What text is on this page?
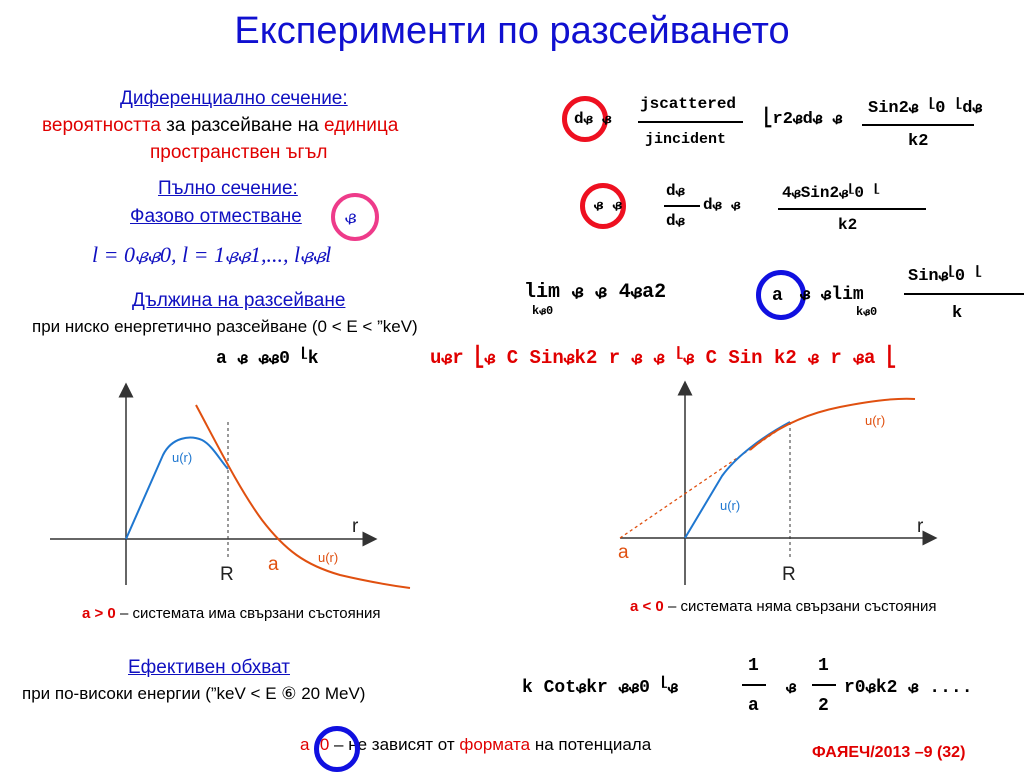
Експерименти по разсейването
Диференциално сечение:
вероятността за разсейване на единица
пространствен ъгъл
Пълно сечение:
Фазово отместване ᏸ
l = 0ᏸᏸ0, l = 1ᏸᏸ1,..., lᏸᏸl
Дължина на разсейване
при ниско енергетично разсейване (0 < E < ”keV)
a ᏸ ᏸᏸ0 ⎣k
dᏸ ᏸ
jscattered
jincident
⎣r2ᏸdᏸ ᏸ
Sin2ᏸ ⎣0 ⎣dᏸ
k2
ᏸ ᏸ
dᏸ
dᏸ
dᏸ ᏸ
4ᏸSin2ᏸ⎣0 ⎣
k2
lim ᏸ ᏸ 4ᏸa2
kᏸ0
a ᏸ ᏸlim
kᏸ0
Sinᏸ⎣0 ⎣
k
uᏸr ⎣ᏸ C Sinᏸk2 r ᏸ ᏸ ⎣ᏸ C Sin k2 ᏸ r ᏸa ⎣
r
R a
u(r)
u(r)
a > 0 – системата има свързани състояния
r
R
a
u(r)
u(r)
a < 0 – системата няма свързани състояния
Ефективен обхват
при по-високи енергии (”keV < E ⑥ 20 MeV)	k Cotᏸkr ᏸᏸ0 ⎣ᏸ
1
a
ᏸ
1
2
r0ᏸk2 ᏸ ....
a r0 – не зависят от формата на потенциала	ФАЯЕЧ/2013 –9 (32)
